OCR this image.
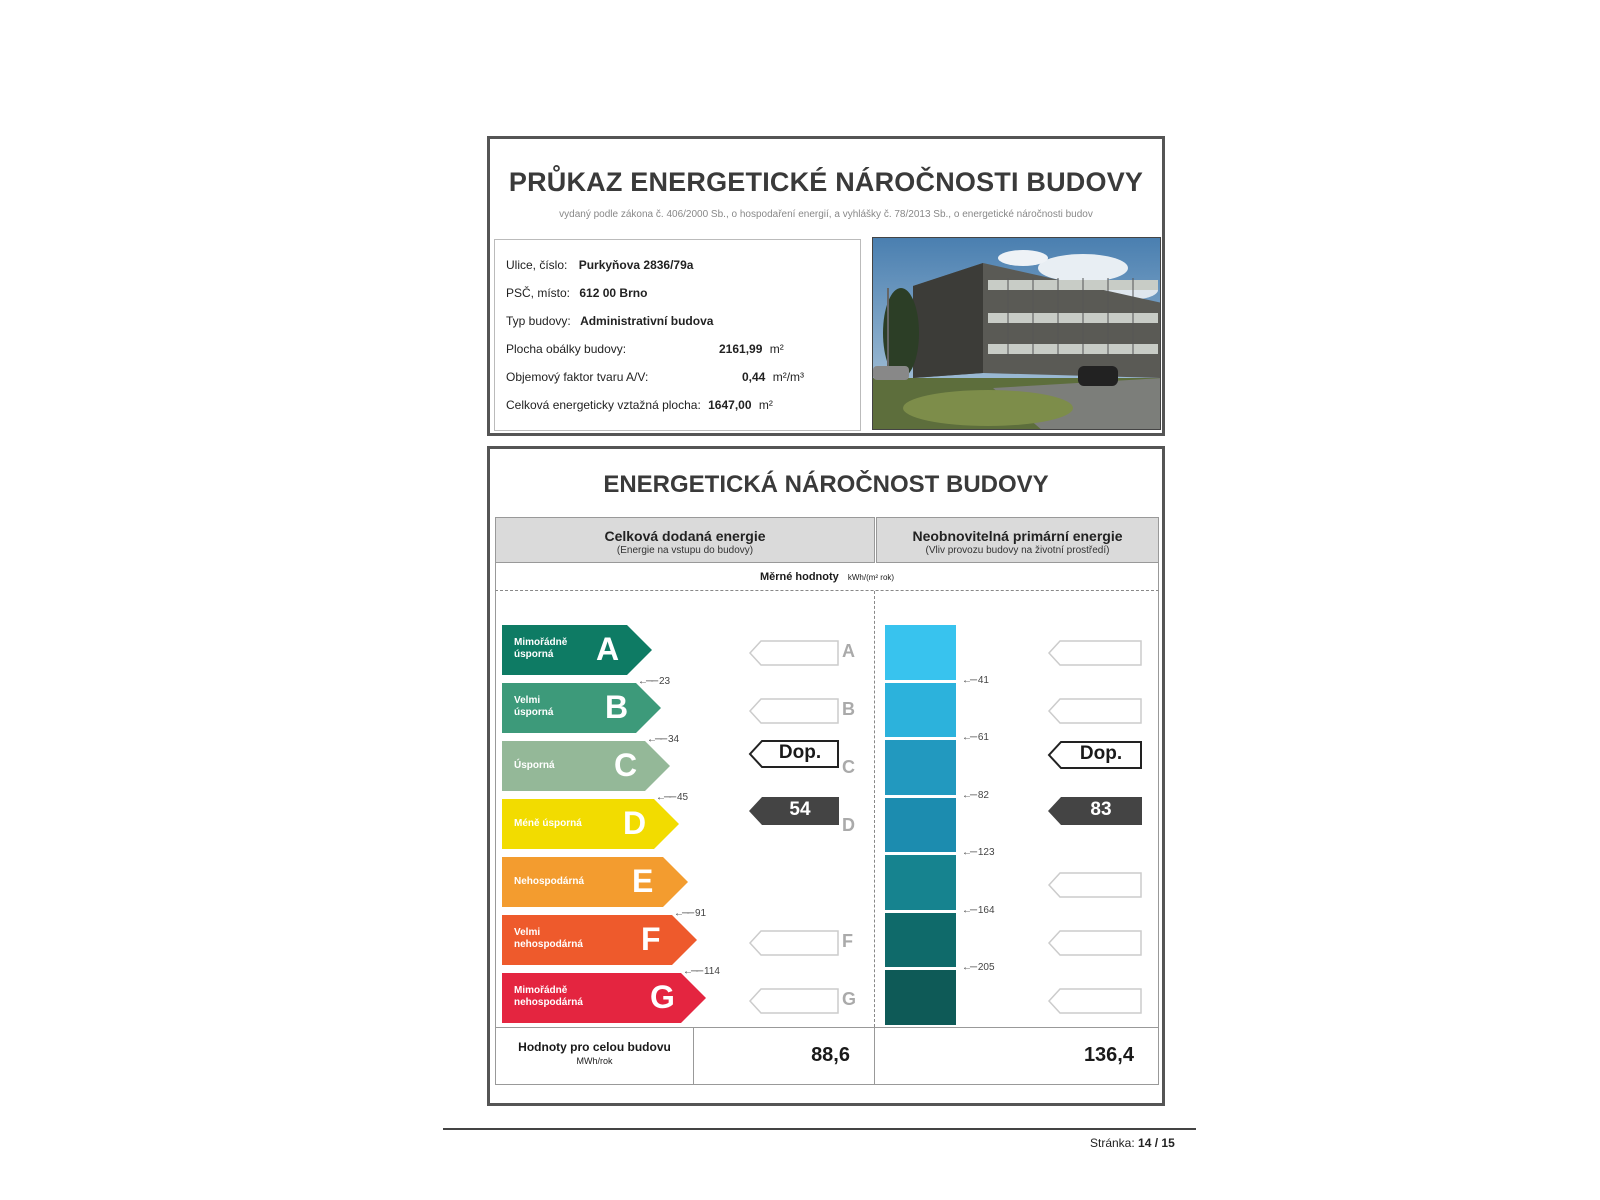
PRŮKAZ ENERGETICKÉ NÁROČNOSTI BUDOVY
vydaný podle zákona č. 406/2000 Sb., o hospodaření energií, a vyhlášky č. 78/2013 Sb., o energetické náročnosti budov
Ulice, číslo: Purkyňova 2836/79a
PSČ, místo: 612 00 Brno
Typ budovy: Administrativní budova
Plocha obálky budovy:	2161,99 m²
Objemový faktor tvaru A/V:	0,44 m²/m³
Celková energeticky vztažná plocha: 1647,00 m²
ENERGETICKÁ NÁROČNOST BUDOVY
Celková dodaná energie
(Energie na vstupu do budovy)
Neobnovitelná primární energie
(Vliv provozu budovy na životní prostředí)
Měrné hodnoty kWh/(m² rok)
Dop.
54
Dop.
83
Hodnoty pro celou budovu
MWh/rok	88,6	136,4
Mimořádně
úsporná	A
←── 23
Velmi
úsporná B
←── 34
Úsporná C
←── 45
Méně úsporná D
Nehospodárná E
←── 91
Velmi
nehospodárná F
←── 114
Mimořádně
nehospodárná G
A
B
C
D
F
G
←─ 41
←─ 61
←─ 82
←─ 123
←─ 164
←─ 205
Stránka: 14 / 15
